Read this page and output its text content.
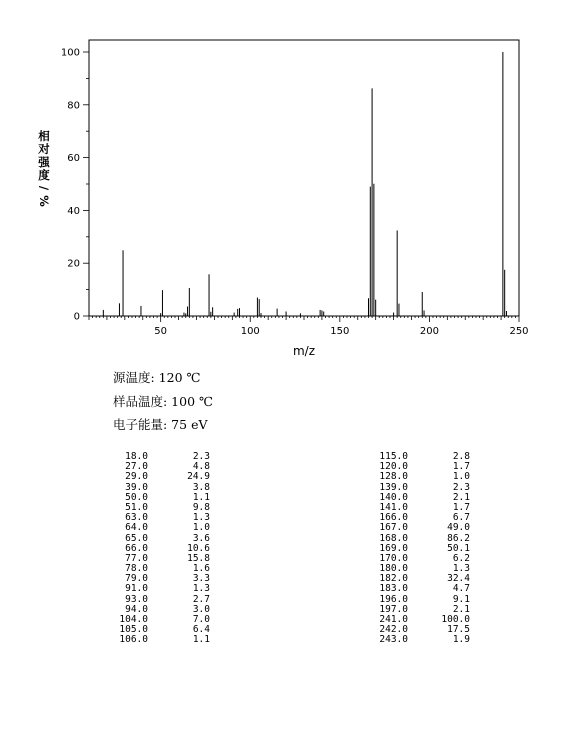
50	100	150	200	250
0
20
40
60
80
100
m/z
相
对
强
度
/
%
源温度: 120 ℃
样品温度: 100 ℃
电子能量: 75 eV
18.0	2.3
27.0	4.8
29.0	24.9
39.0	3.8
50.0	1.1
51.0	9.8
63.0	1.3
64.0	1.0
65.0	3.6
66.0	10.6
77.0	15.8
78.0	1.6
79.0	3.3
91.0	1.3
93.0	2.7
94.0	3.0
104.0	7.0
105.0	6.4
106.0	1.1
115.0	2.8
120.0	1.7
128.0	1.0
139.0	2.3
140.0	2.1
141.0	1.7
166.0	6.7
167.0	49.0
168.0	86.2
169.0	50.1
170.0	6.2
180.0	1.3
182.0	32.4
183.0	4.7
196.0	9.1
197.0	2.1
241.0	100.0
242.0	17.5
243.0	1.9
